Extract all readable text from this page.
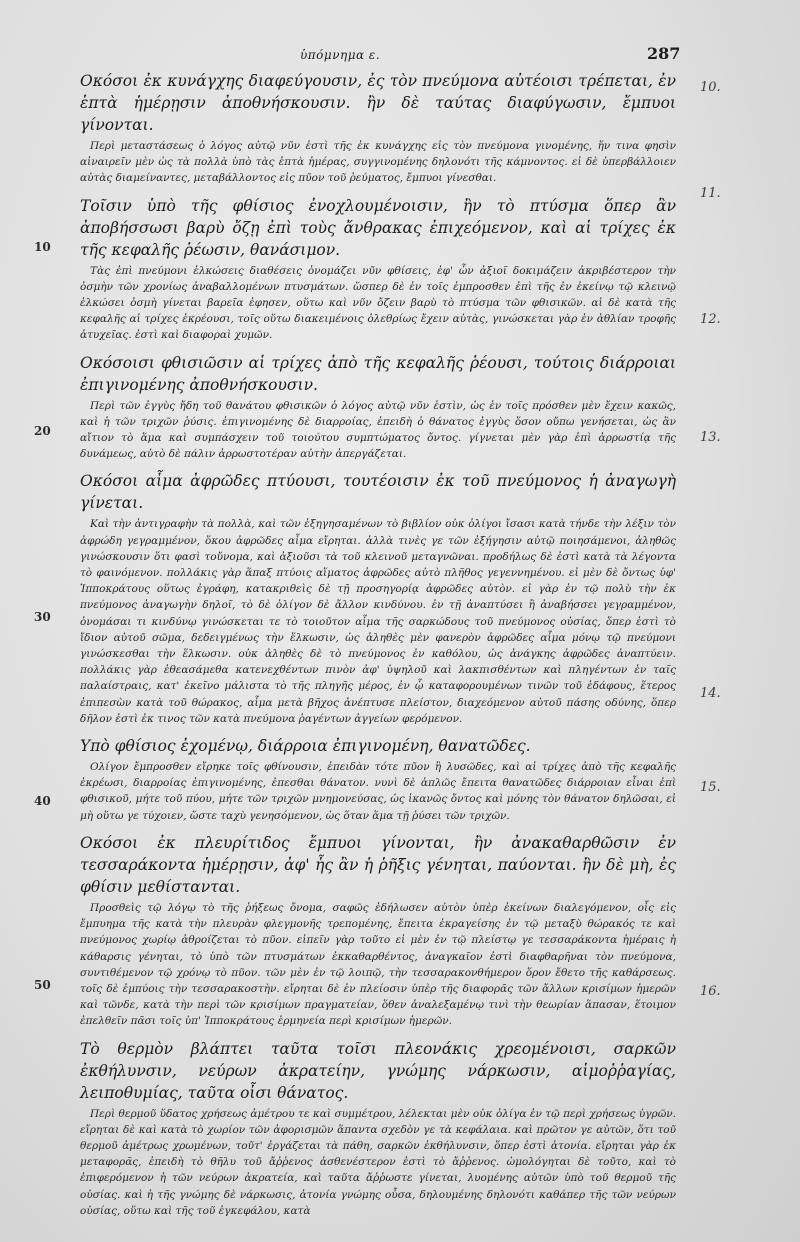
ὑπόμνημα ε.	287
10
20
30
40
50
10.
11.
12.
13.
14.
15.
16.

Οκόσοι ἐκ κυνάγχης διαφεύγουσιν, ἐς τὸν πνεύμονα αὐτέοισι τρέπεται, ἐν ἑπτὰ ἡμέρῃσιν ἀποθνήσκουσιν. ἢν δὲ ταύτας διαφύγωσιν, ἔμπυοι γίνονται.

Περὶ μεταστάσεως ὁ λόγος αὐτῷ νῦν ἐστὶ τῆς ἐκ κυνάγχης εἰς τὸν πνεύμονα γινομένης, ἥν τινα φησὶν αἰναιρεῖν μὲν ὡς τὰ πολλὰ ὑπὸ τὰς ἑπτὰ ἡμέρας, συγγινομένης δηλονότι τῆς κάμνοντος. εἰ δὲ ὑπερβάλλοιεν αὐτὰς διαμείναντες, μεταβάλλοντος εἰς πῦον τοῦ ῥεύματος, ἔμπυοι γίνεσθαι.

Τοῖσιν ὑπὸ τῆς φθίσιος ἐνοχλουμένοισιν, ἢν τὸ πτύσμα ὅπερ ἂν ἀποβήσσωσι βαρὺ ὄζῃ ἐπὶ τοὺς ἄνθρακας ἐπιχεόμενον, καὶ αἱ τρίχες ἐκ τῆς κεφαλῆς ῥέωσιν, θανάσιμον.

Τὰς ἐπὶ πνεύμονι ἑλκώσεις διαθέσεις ὀνομάζει νῦν φθίσεις, ἐφ' ὧν ἀξιοῖ δοκιμάζειν ἀκριβέστερον τὴν ὀσμὴν τῶν χρονίως ἀναβαλλομένων πτυσμάτων. ὥσπερ δὲ ἐν τοῖς ἐμπροσθεν ἐπὶ τῆς ἐν ἐκείνῳ τῷ κλεινῷ ἐλκώσει ὀσμὴ γίνεται βαρεῖα ἐφησεν, οὕτω καὶ νῦν ὄζειν βαρὺ τὸ πτύσμα τῶν φθισικῶν. αἱ δὲ κατὰ τῆς κεφαλῆς αἱ τρίχες ἐκρέουσι, τοῖς οὕτω διακειμένοις ὀλεθρίως ἔχειν αὐτὰς, γινώσκεται γὰρ ἐν ἀθλίαν τροφῆς ἀτυχεῖας. ἐστὶ καὶ διαφοραὶ χυμῶν.

Οκόσοισι φθισιῶσιν αἱ τρίχες ἀπὸ τῆς κεφαλῆς ῥέουσι, τούτοις διάρροιαι ἐπιγινομένης ἀποθνήσκουσιν.

Περὶ τῶν ἐγγὺς ἤδη τοῦ θανάτου φθισικῶν ὁ λόγος αὐτῷ νῦν ἐστὶν, ὡς ἐν τοῖς πρόσθεν μὲν ἔχειν κακῶς, καὶ ἡ τῶν τριχῶν ῥύσις. ἐπιγινομένης δὲ διαρροίας, ἐπειδὴ ὁ θάνατος ἐγγὺς ὅσον οὔπω γενήσεται, ὡς ἂν αἴτιον τὸ ἅμα καὶ συμπάσχειν τοῦ τοιούτου συμπτώματος ὄντος. γίγνεται μὲν γὰρ ἐπὶ ἀρρωστίᾳ τῆς δυνάμεως, αὐτὸ δὲ πάλιν ἀρρωστοτέραν αὐτὴν ἀπεργάζεται.

Οκόσοι αἷμα ἀφρῶδες πτύουσι, τουτέοισιν ἐκ τοῦ πνεύμονος ἡ ἀναγωγὴ γίνεται.

Καὶ τὴν ἀντιγραφὴν τὰ πολλὰ, καὶ τῶν ἐξηγησαμένων τὸ βιβλίον οὐκ ὀλίγοι ἴσασι κατὰ τήνδε τὴν λέξιν τὸν ἀφρώδη γεγραμμένον, ὅκου ἀφρῶδες αἷμα εἴρηται. ἀλλὰ τινὲς γε τῶν ἐξήγησιν αὐτῷ ποιησάμενοι, ἀληθῶς γινώσκουσιν ὅτι φασὶ τοὔνομα, καὶ ἀξιοῦσι τὰ τοῦ κλεινοῦ μεταγνῶναι. προδήλως δὲ ἐστὶ κατὰ τὰ λέγοντα τὸ φαινόμενον. πολλάκις γὰρ ἅπαξ πτύοις αἵματος ἀφρῶδες αὐτὸ πλῆθος γεγεννημένου. εἰ μὲν δὲ ὄντως ὑφ' Ἱπποκράτους οὕτως ἐγράφη, κατακριθεὶς δὲ τῇ προσηγορίᾳ ἀφρῶδες αὐτὸν. εἰ γὰρ ἐν τῷ πολὺ τὴν ἐκ πνεύμονος ἀναγωγὴν δηλοῖ, τὸ δὲ ὀλίγον δὲ ἄλλον κινδύνου. ἐν τῇ ἀναπτύσει ἢ ἀναβήσσει γεγραμμένον, ὀνομάσαι τι κινδύνῳ γινώσκεται τε τὸ τοιοῦτον αἷμα τῆς σαρκώδους τοῦ πνεύμονος οὐσίας, ὅπερ ἐστὶ τὸ ἴδιον αὐτοῦ σῶμα, δεδειγμένως τὴν ἕλκωσιν, ὡς ἀληθὲς μὲν φανερὸν ἀφρῶδες αἷμα μόνῳ τῷ πνεύμονι γινώσκεσθαι τὴν ἕλκωσιν. οὐκ ἀληθὲς δὲ τὸ πνεύμονος ἐν καθόλου, ὡς ἀνάγκης ἀφρῶδες ἀναπτύειν. πολλάκις γὰρ ἐθεασάμεθα κατενεχθέντων πινὸν ἀφ' ὑψηλοῦ καὶ λακπισθέντων καὶ πληγέντων ἐν ταῖς παλαίστραις, κατ' ἐκεῖνο μάλιστα τὸ τῆς πληγῆς μέρος, ἐν ᾧ καταφορουμένων τινῶν τοῦ ἐδάφους, ἕτερος ἐπιπεσὼν κατὰ τοῦ θώρακος, αἷμα μετὰ βῆχος ἀνέπτυσε πλείστον, διαχεόμενον αὐτοῦ πάσης οδύνης, ὅπερ δῆλον ἐστὶ ἐκ τινος τῶν κατὰ πνεύμονα ῥαγέντων ἀγγείων φερόμενον.

Υπὸ φθίσιος ἐχομένῳ, διάρροια ἐπιγινομένη, θανατῶδες.

Ολίγον ἔμπροσθεν εἴρηκε τοῖς φθίνουσιν, ἐπειδὰν τότε πῦον ἢ λυσῶδες, καὶ αἱ τρίχες ἀπὸ τῆς κεφαλῆς ἐκρέωσι, διαρροίας ἐπιγινομένης, ἐπεσθαι θάνατον. νυνὶ δὲ ἁπλῶς ἔπειτα θανατῶδες διάρροιαν εἶναι ἐπὶ φθισικοῦ, μήτε τοῦ πύου, μήτε τῶν τριχῶν μνημονεύσας, ὡς ἱκανῶς ὄντος καὶ μόνης τὸν θάνατον δηλῶσαι, εἰ μὴ οὕτω γε τύχοιεν, ὥστε ταχὺ γενησόμενον, ὡς ὅταν ἅμα τῇ ῥύσει τῶν τριχῶν.

Οκόσοι ἐκ πλευρίτιδος ἔμπυοι γίνονται, ἢν ἀνακαθαρθῶσιν ἐν τεσσαράκοντα ἡμέρῃσιν, ἀφ' ἧς ἂν ἡ ῥῆξις γένηται, παύονται. ἢν δὲ μὴ, ἐς φθίσιν μεθίστανται.

Προσθεὶς τῷ λόγῳ τὸ τῆς ῥήξεως ὄνομα, σαφῶς ἐδήλωσεν αὐτὸν ὑπὲρ ἐκείνων διαλεγόμενον, οἷς εἰς ἔμπυημα τῆς κατὰ τὴν πλευρὰν φλεγμονῆς τρεπομένης, ἔπειτα ἐκραγείσης ἐν τῷ μεταξὺ θώρακός τε καὶ πνεύμονος χωρίῳ ἀθροίζεται τὸ πῦον. εἰπεῖν γὰρ τοῦτο εἰ μὲν ἐν τῷ πλείστῳ γε τεσσαράκοντα ἡμέραις ἡ κάθαρσις γένηται, τὸ ὑπὸ τῶν πτυσμάτων ἐκκαθαρθέντος, ἀναγκαῖον ἐστὶ διαφθαρῆναι τὸν πνεύμονα, συντιθέμενον τῷ χρόνῳ τὸ πῦον. τῶν μὲν ἐν τῷ λοιπῷ, τὴν τεσσαρακονθήμερον ὅρον ἔθετο τῆς καθάρσεως. τοῖς δὲ ἐμπύοις τὴν τεσσαρακοστὴν. εἴρηται δὲ ἐν πλείοσιν ὑπὲρ τῆς διαφορᾶς τῶν ἄλλων κρισίμων ἡμερῶν καὶ τῶνδε, κατὰ τὴν περὶ τῶν κρισίμων πραγματείαν, ὅθεν ἀναλεξαμένῳ τινὶ τὴν θεωρίαν ἅπασαν, ἕτοιμον ἐπελθεῖν πᾶσι τοῖς ὑπ' Ἱπποκράτους ἑρμηνεία περὶ κρισίμων ἡμερῶν.

Τὸ θερμὸν βλάπτει ταῦτα τοῖσι πλεονάκις χρεομένοισι, σαρκῶν ἐκθήλυνσιν, νεύρων ἀκρατείην, γνώμης νάρκωσιν, αἱμοῤῥαγίας, λειποθυμίας, ταῦτα οἷσι θάνατος.

Περὶ θερμοῦ ὕδατος χρήσεως ἀμέτρου τε καὶ συμμέτρου, λέλεκται μὲν οὐκ ὀλίγα ἐν τῷ περὶ χρήσεως ὑγρῶν. εἴρηται δὲ καὶ κατὰ τὸ χωρίον τῶν ἀφορισμῶν ἅπαντα σχεδὸν γε τὰ κεφάλαια. καὶ πρῶτον γε αὐτῶν, ὅτι τοῦ θερμοῦ ἀμέτρως χρωμένων, τοῦτ' ἐργάζεται τὰ πάθη, σαρκῶν ἐκθήλυνσιν, ὅπερ ἐστὶ ἀτονία. εἴρηται γὰρ ἐκ μεταφορᾶς, ἐπειδὴ τὸ θῆλυ τοῦ ἄῤῥενος ἀσθενέστερον ἐστὶ τὸ ἄῤῥενος. ὡμολόγηται δὲ τοῦτο, καὶ τὸ ἐπιφερόμενον ἡ τῶν νεύρων ἀκρατεία, καὶ ταῦτα ἄῤῥωστε γίνεται, λυομένης αὐτῶν ὑπὸ τοῦ θερμοῦ τῆς οὐσίας. καὶ ἡ τῆς γνώμης δὲ νάρκωσις, ἀτονία γνώμης οὖσα, δηλουμένης δηλονότι καθάπερ τῆς τῶν νεύρων οὐσίας, οὕτω καὶ τῆς τοῦ ἐγκεφάλου, κατὰ
